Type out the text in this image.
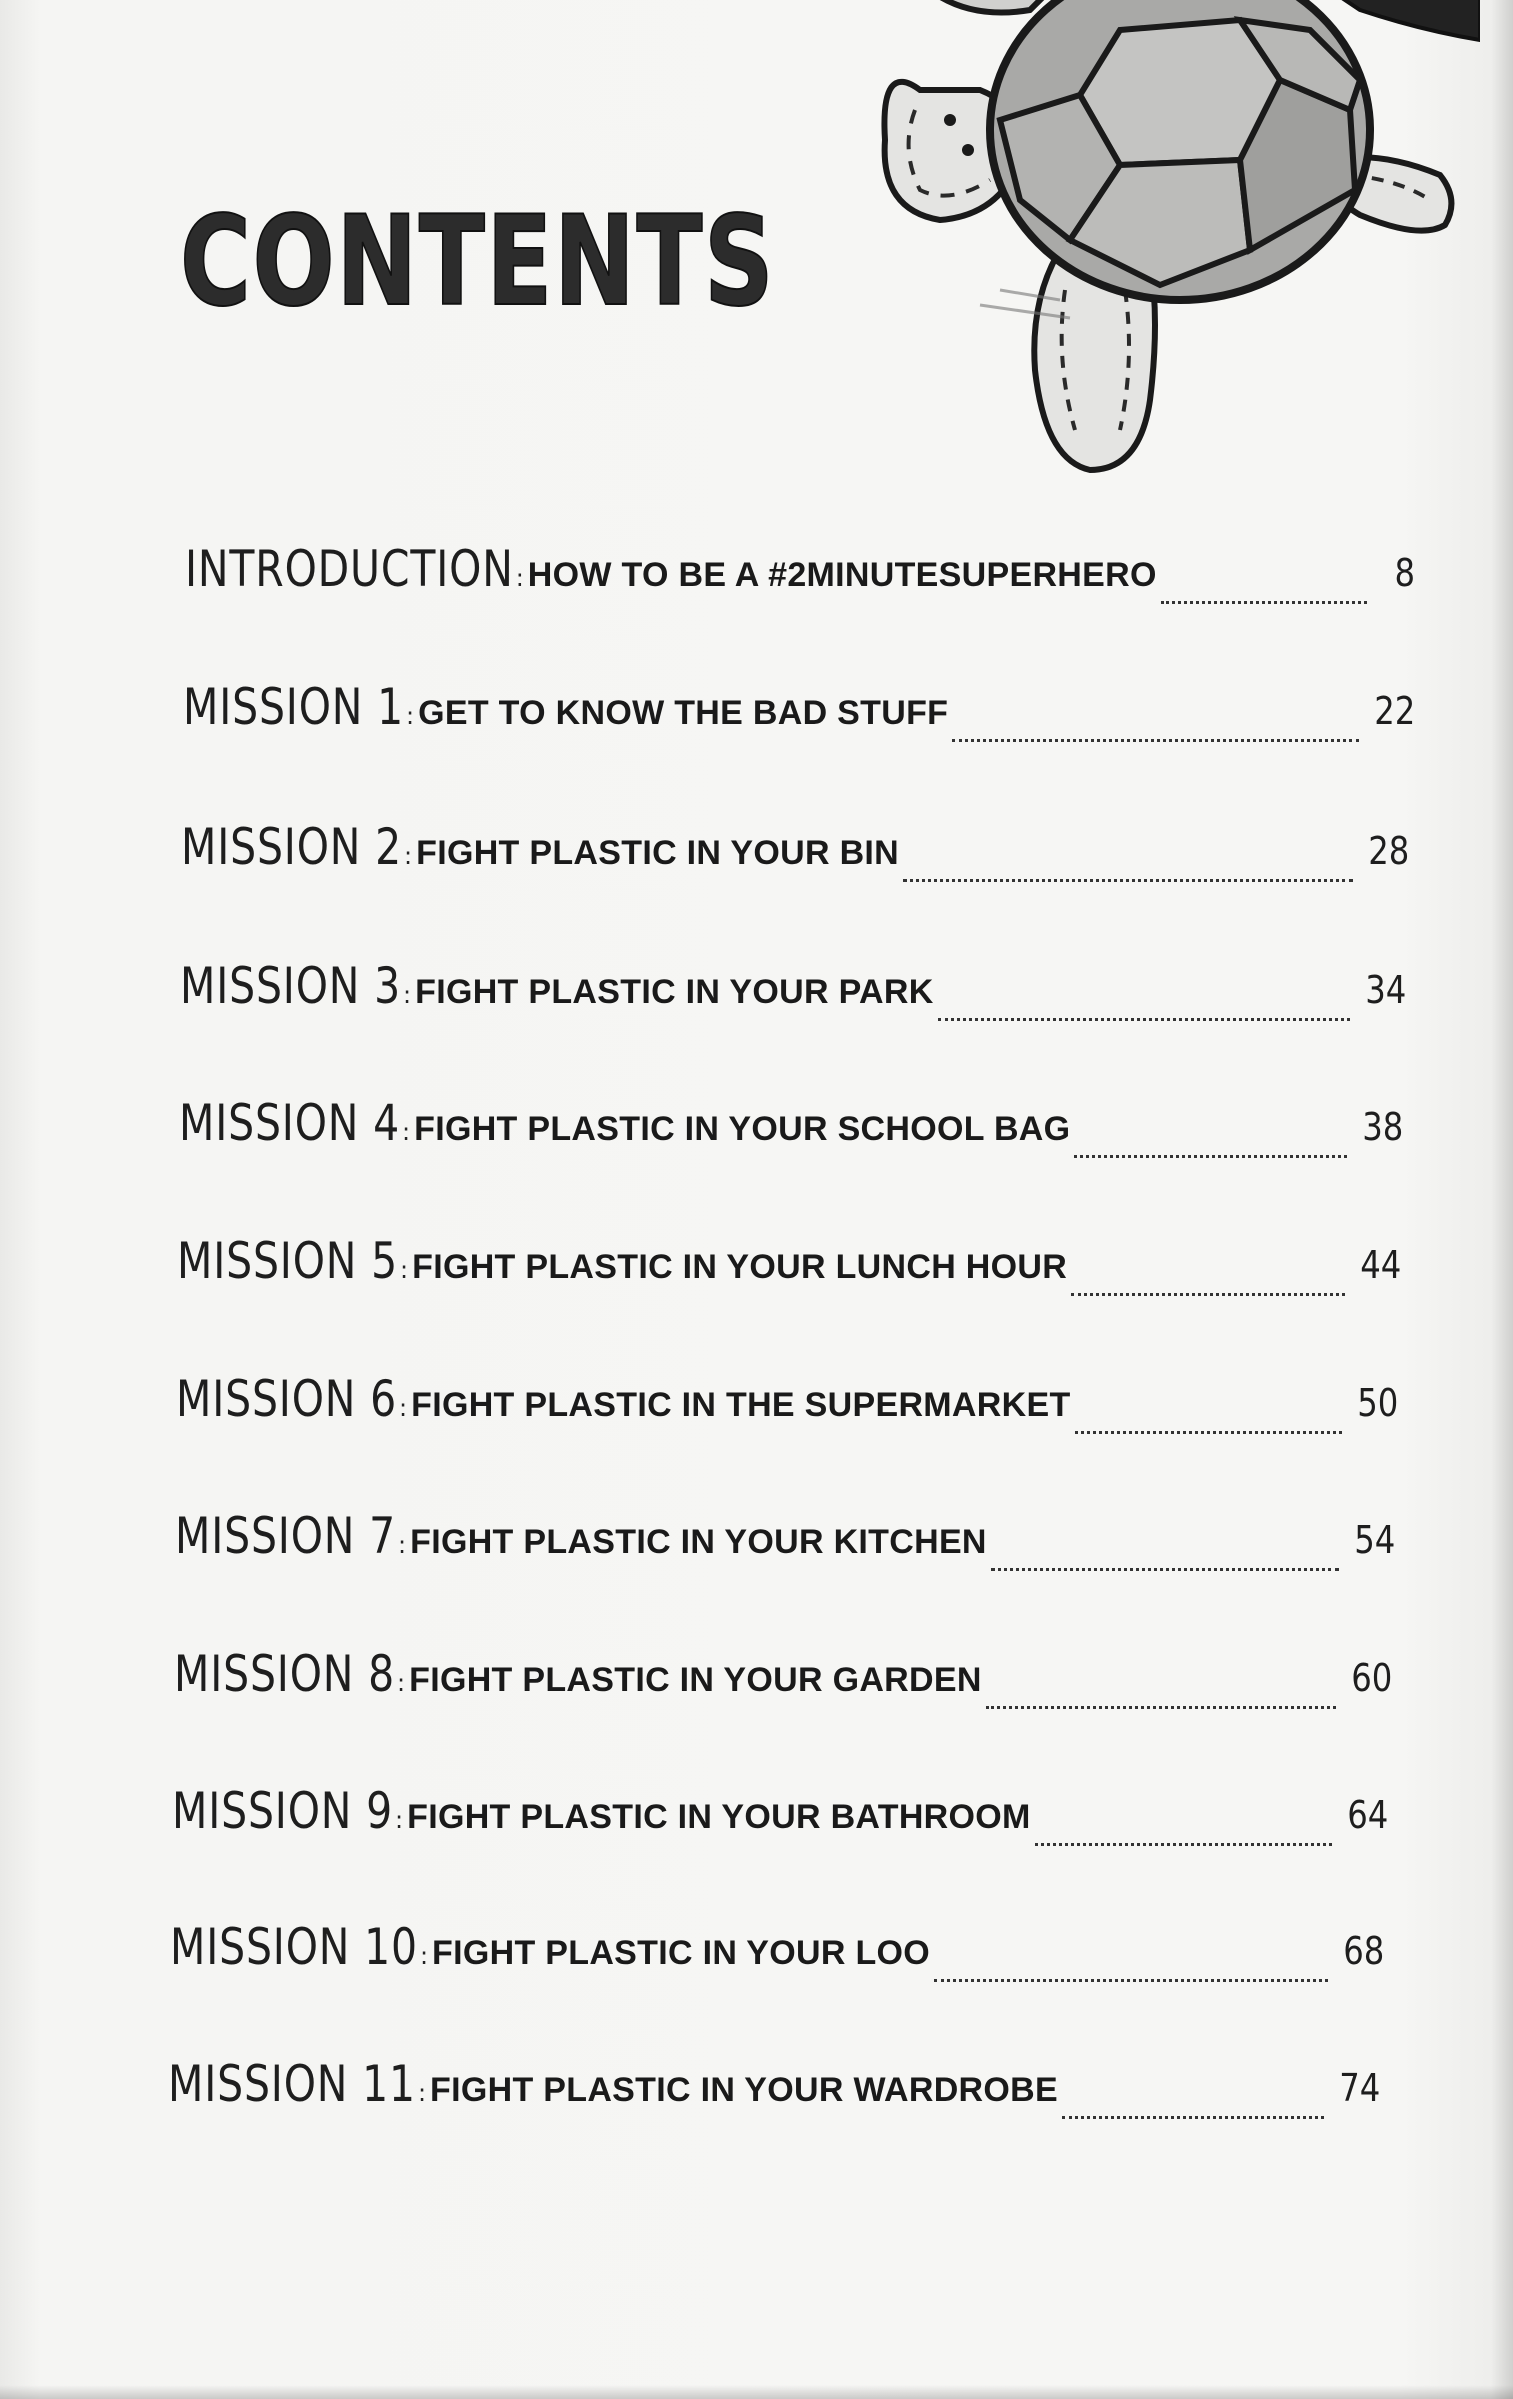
CONTENTS
INTRODUCTION : HOW TO BE A #2MINUTESUPERHERO	8
MISSION 1 : GET TO KNOW THE BAD STUFF	22
MISSION 2 : FIGHT PLASTIC IN YOUR BIN	28
MISSION 3 : FIGHT PLASTIC IN YOUR PARK	34
MISSION 4 : FIGHT PLASTIC IN YOUR SCHOOL BAG	38
MISSION 5 : FIGHT PLASTIC IN YOUR LUNCH HOUR	44
MISSION 6 : FIGHT PLASTIC IN THE SUPERMARKET	50
MISSION 7 : FIGHT PLASTIC IN YOUR KITCHEN	54
MISSION 8 : FIGHT PLASTIC IN YOUR GARDEN	60
MISSION 9 : FIGHT PLASTIC IN YOUR BATHROOM	64
MISSION 10 : FIGHT PLASTIC IN YOUR LOO	68
MISSION 11 : FIGHT PLASTIC IN YOUR WARDROBE	74
